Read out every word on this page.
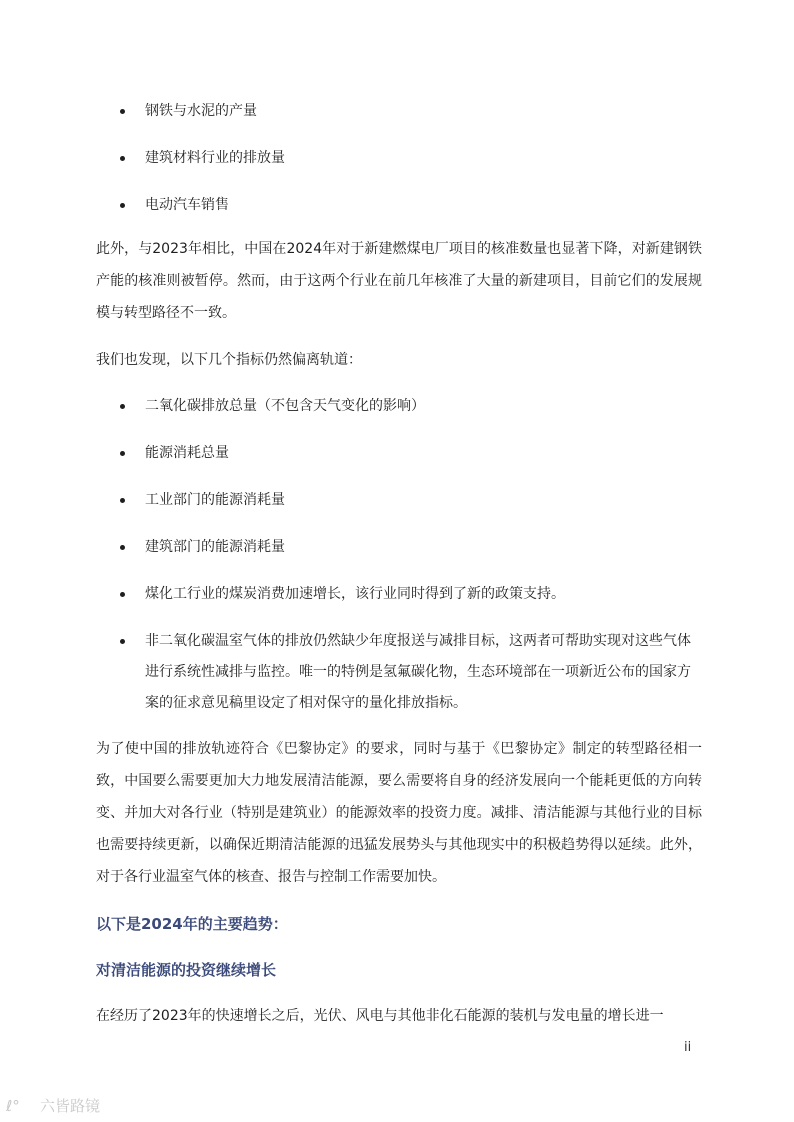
钢铁与水泥的产量
建筑材料行业的排放量
电动汽车销售

此外，与2023年相比，中国在2024年对于新建燃煤电厂项目的核准数量也显著下降，对新建钢铁产能的核准则被暂停。然而，由于这两个行业在前几年核准了大量的新建项目，目前它们的发展规模与转型路径不一致。

我们也发现，以下几个指标仍然偏离轨道：

二氧化碳排放总量（不包含天气变化的影响）
能源消耗总量
工业部门的能源消耗量
建筑部门的能源消耗量
煤化工行业的煤炭消费加速增长，该行业同时得到了新的政策支持。
非二氧化碳温室气体的排放仍然缺少年度报送与减排目标，这两者可帮助实现对这些气体进行系统性减排与监控。唯一的特例是氢氟碳化物，生态环境部在一项新近公布的国家方案的征求意见稿里设定了相对保守的量化排放指标。

为了使中国的排放轨迹符合《巴黎协定》的要求，同时与基于《巴黎协定》制定的转型路径相一致，中国要么需要更加大力地发展清洁能源，要么需要将自身的经济发展向一个能耗更低的方向转变、并加大对各行业（特别是建筑业）的能源效率的投资力度。减排、清洁能源与其他行业的目标也需要持续更新，以确保近期清洁能源的迅猛发展势头与其他现实中的积极趋势得以延续。此外，对于各行业温室气体的核查、报告与控制工作需要加快。

以下是2024年的主要趋势：
对清洁能源的投资继续增长

在经历了2023年的快速增长之后，光伏、风电与其他非化石能源的装机与发电量的增长进一

ii
ℓ° 六皆路镜
